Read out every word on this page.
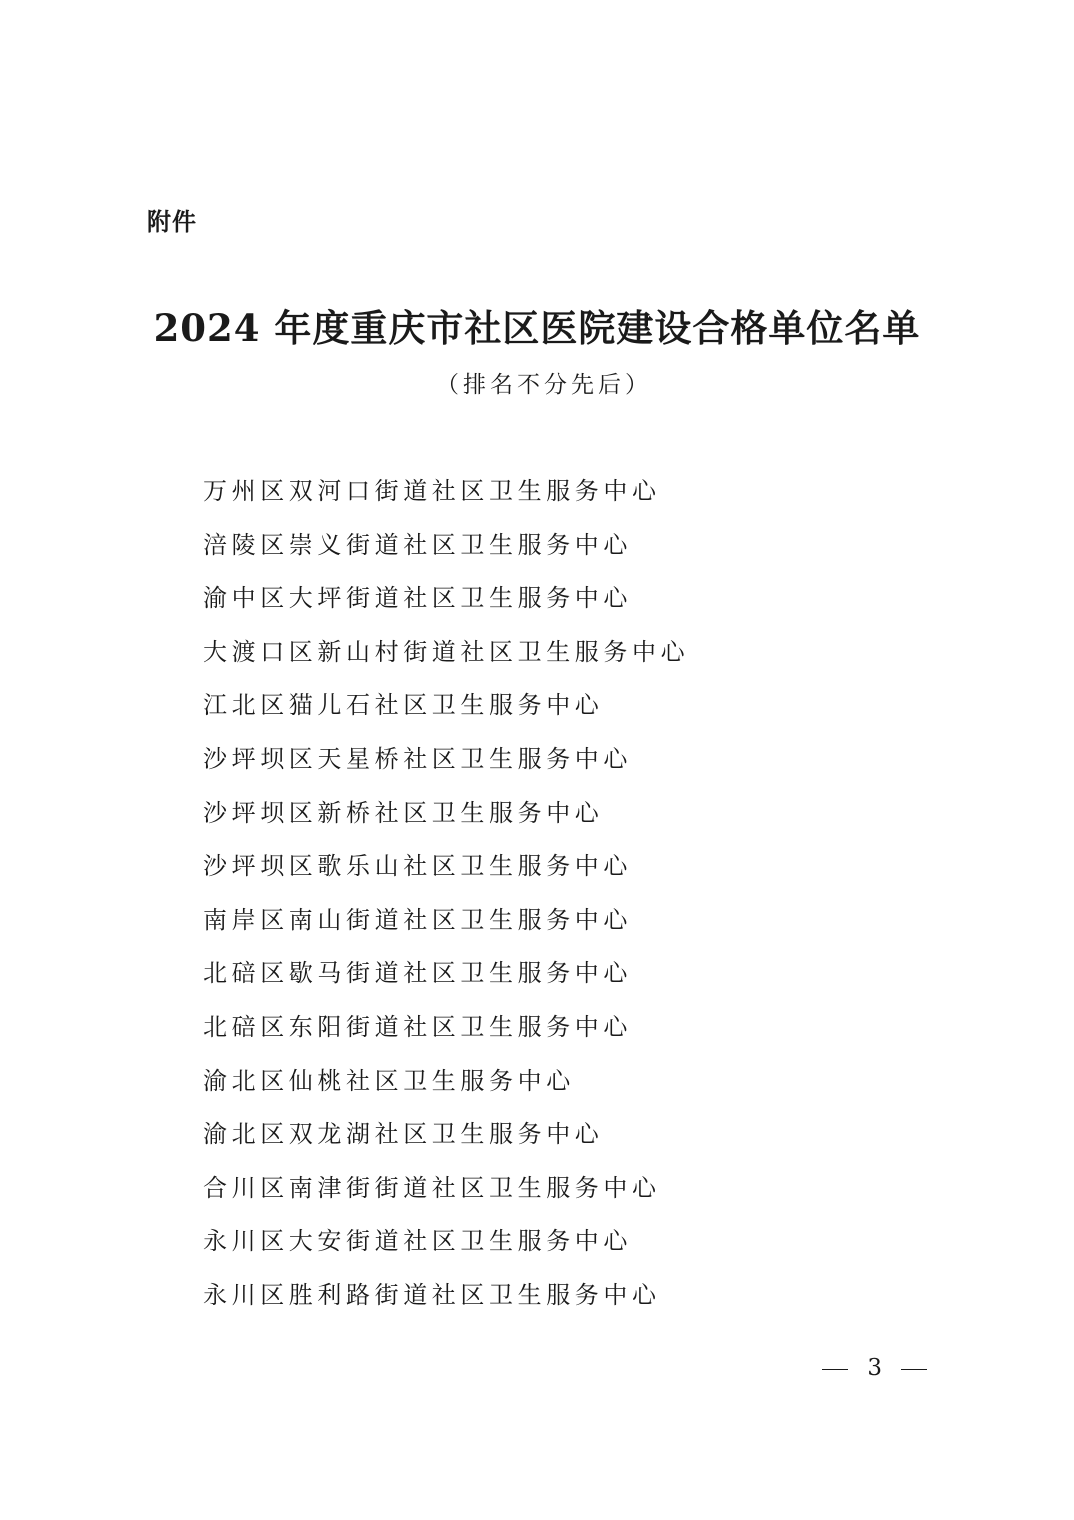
附件
2024 年度重庆市社区医院建设合格单位名单
（排名不分先后）
万州区双河口街道社区卫生服务中心
涪陵区崇义街道社区卫生服务中心
渝中区大坪街道社区卫生服务中心
大渡口区新山村街道社区卫生服务中心
江北区猫儿石社区卫生服务中心
沙坪坝区天星桥社区卫生服务中心
沙坪坝区新桥社区卫生服务中心
沙坪坝区歌乐山社区卫生服务中心
南岸区南山街道社区卫生服务中心
北碚区歇马街道社区卫生服务中心
北碚区东阳街道社区卫生服务中心
渝北区仙桃社区卫生服务中心
渝北区双龙湖社区卫生服务中心
合川区南津街街道社区卫生服务中心
永川区大安街道社区卫生服务中心
永川区胜利路街道社区卫生服务中心
3
